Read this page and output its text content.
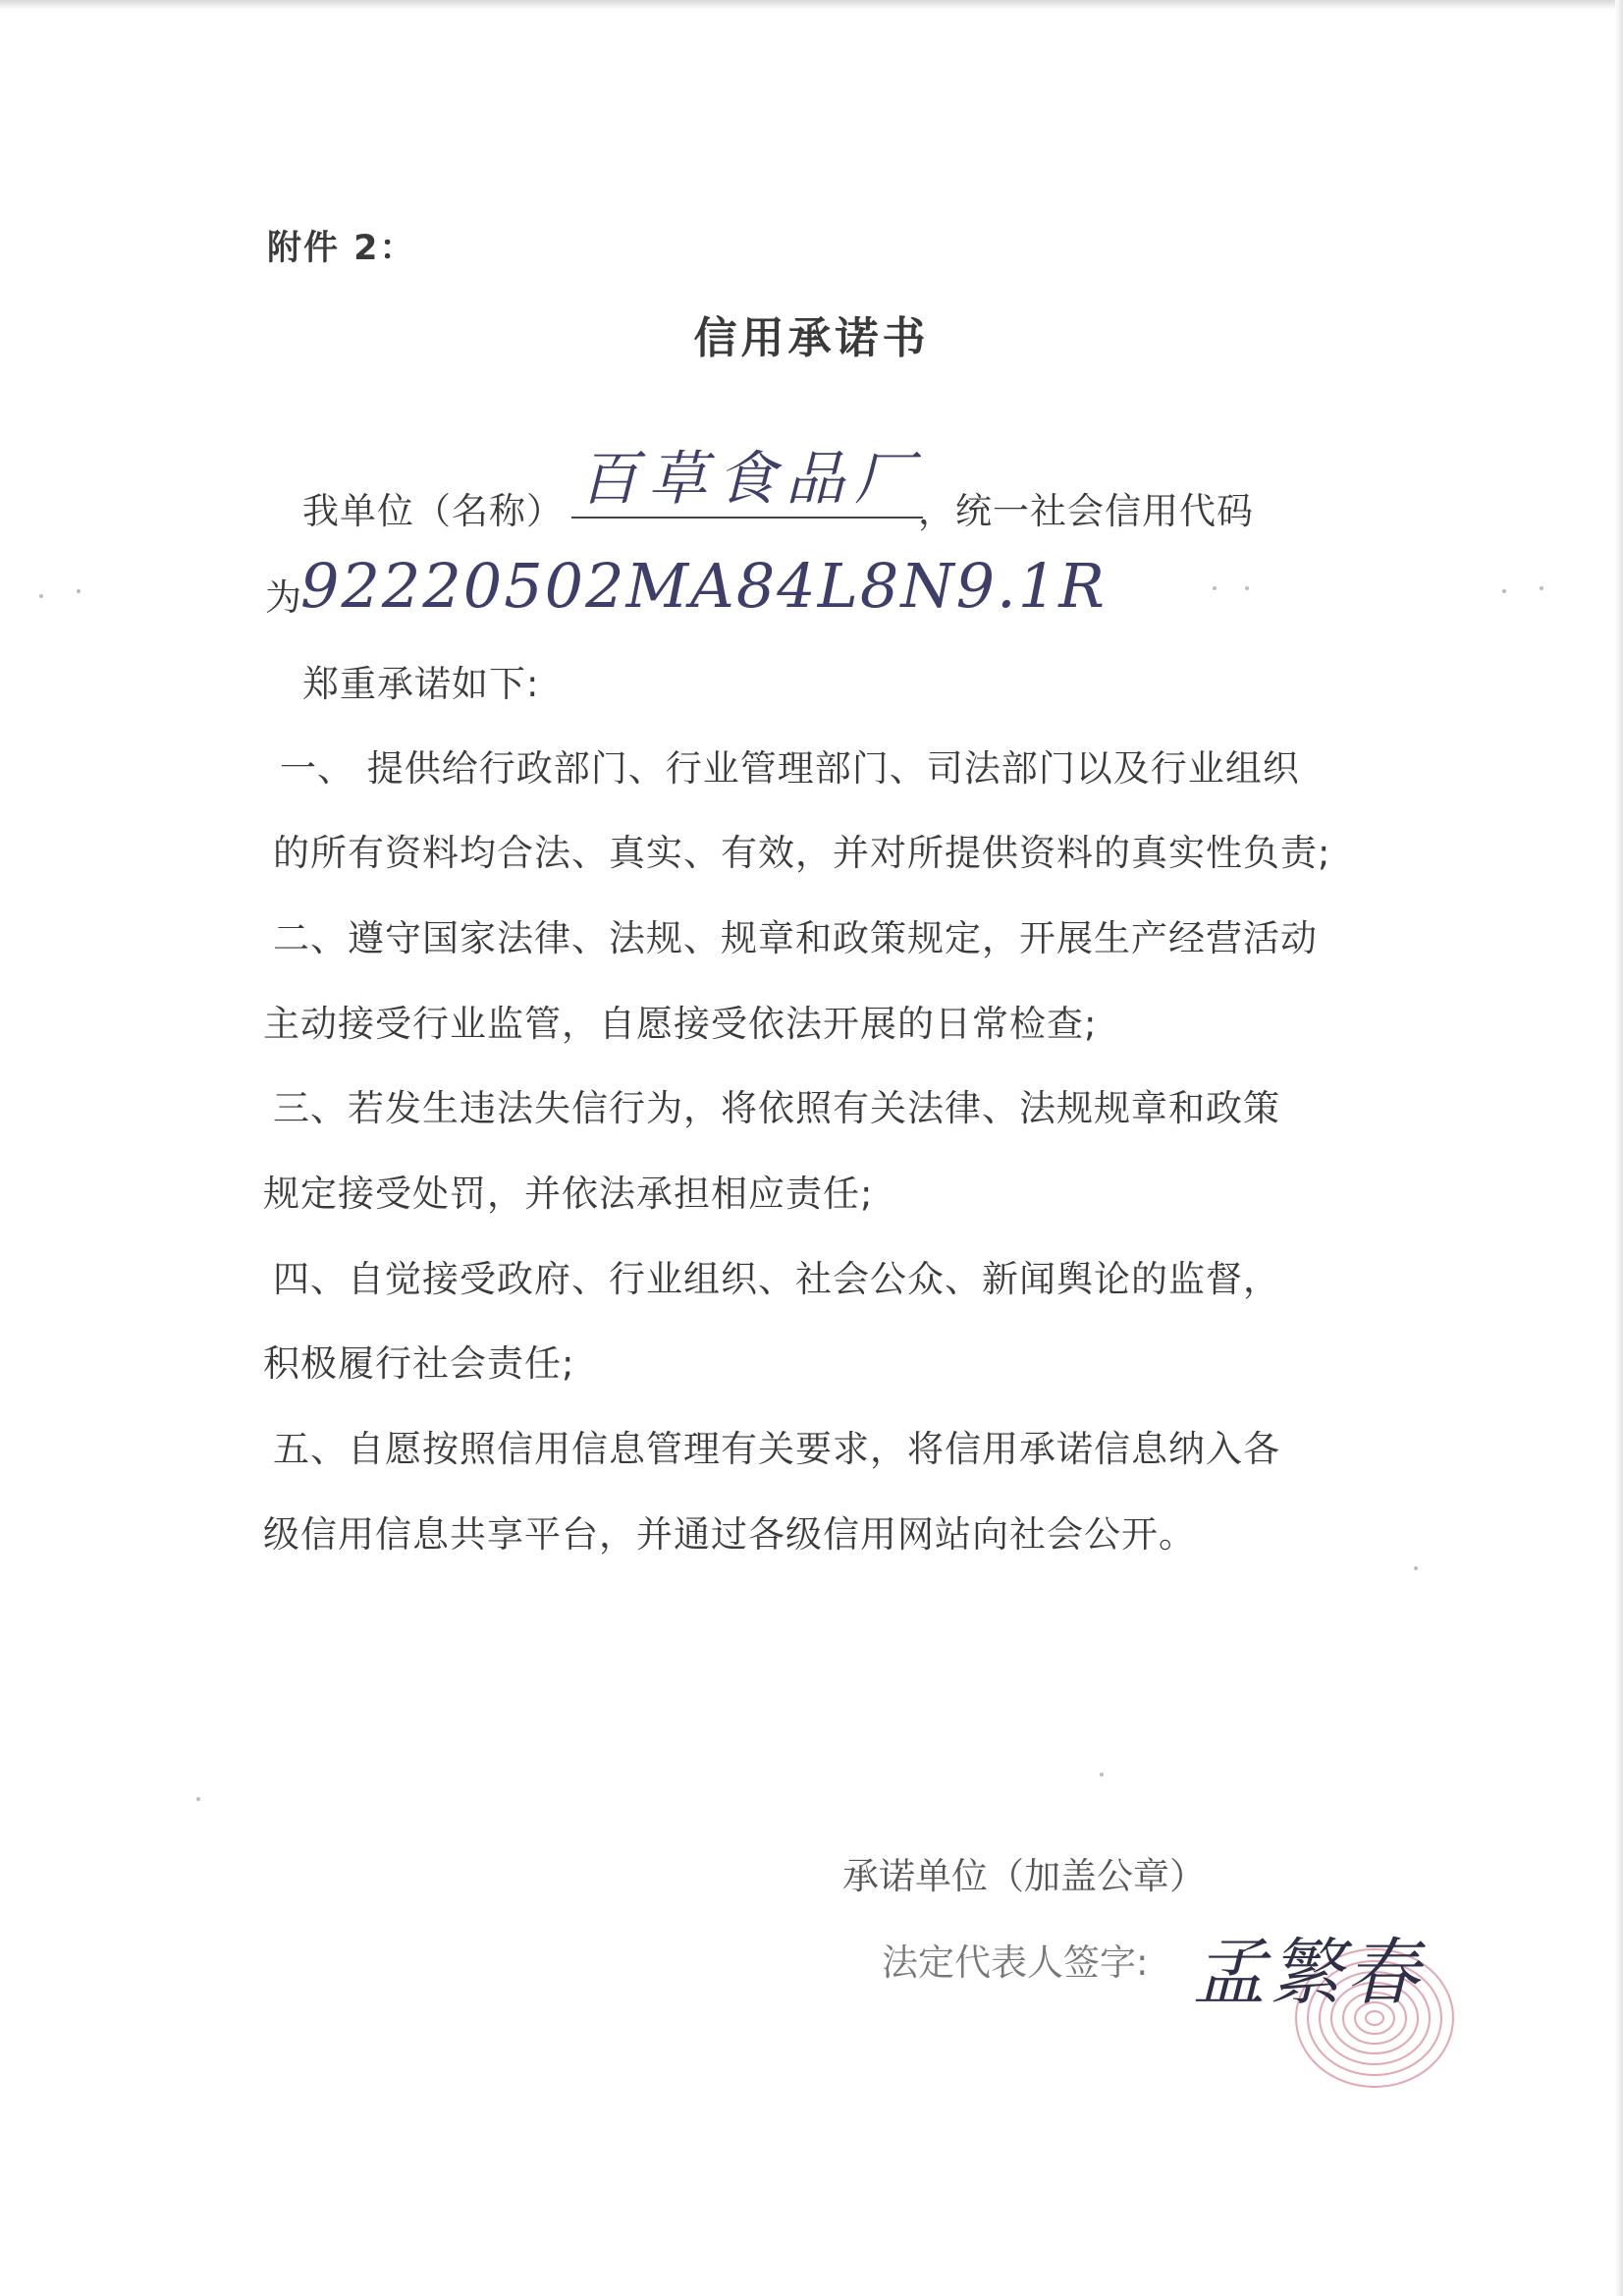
附件 2：
信用承诺书
我单位（名称） 百草食品厂
，统一社会信用代码
为
92220502MA84L8N9.1R
郑重承诺如下:
一、 提供给行政部门、行业管理部门、司法部门以及行业组织
的所有资料均合法、真实、有效，并对所提供资料的真实性负责;
二、遵守国家法律、法规、规章和政策规定，开展生产经营活动
主动接受行业监管，自愿接受依法开展的日常检查;
三、若发生违法失信行为，将依照有关法律、法规规章和政策
规定接受处罚，并依法承担相应责任;
四、自觉接受政府、行业组织、社会公众、新闻舆论的监督，
积极履行社会责任;
五、自愿按照信用信息管理有关要求，将信用承诺信息纳入各
级信用信息共享平台，并通过各级信用网站向社会公开。
承诺单位（加盖公章）
法定代表人签字: 孟繁春
